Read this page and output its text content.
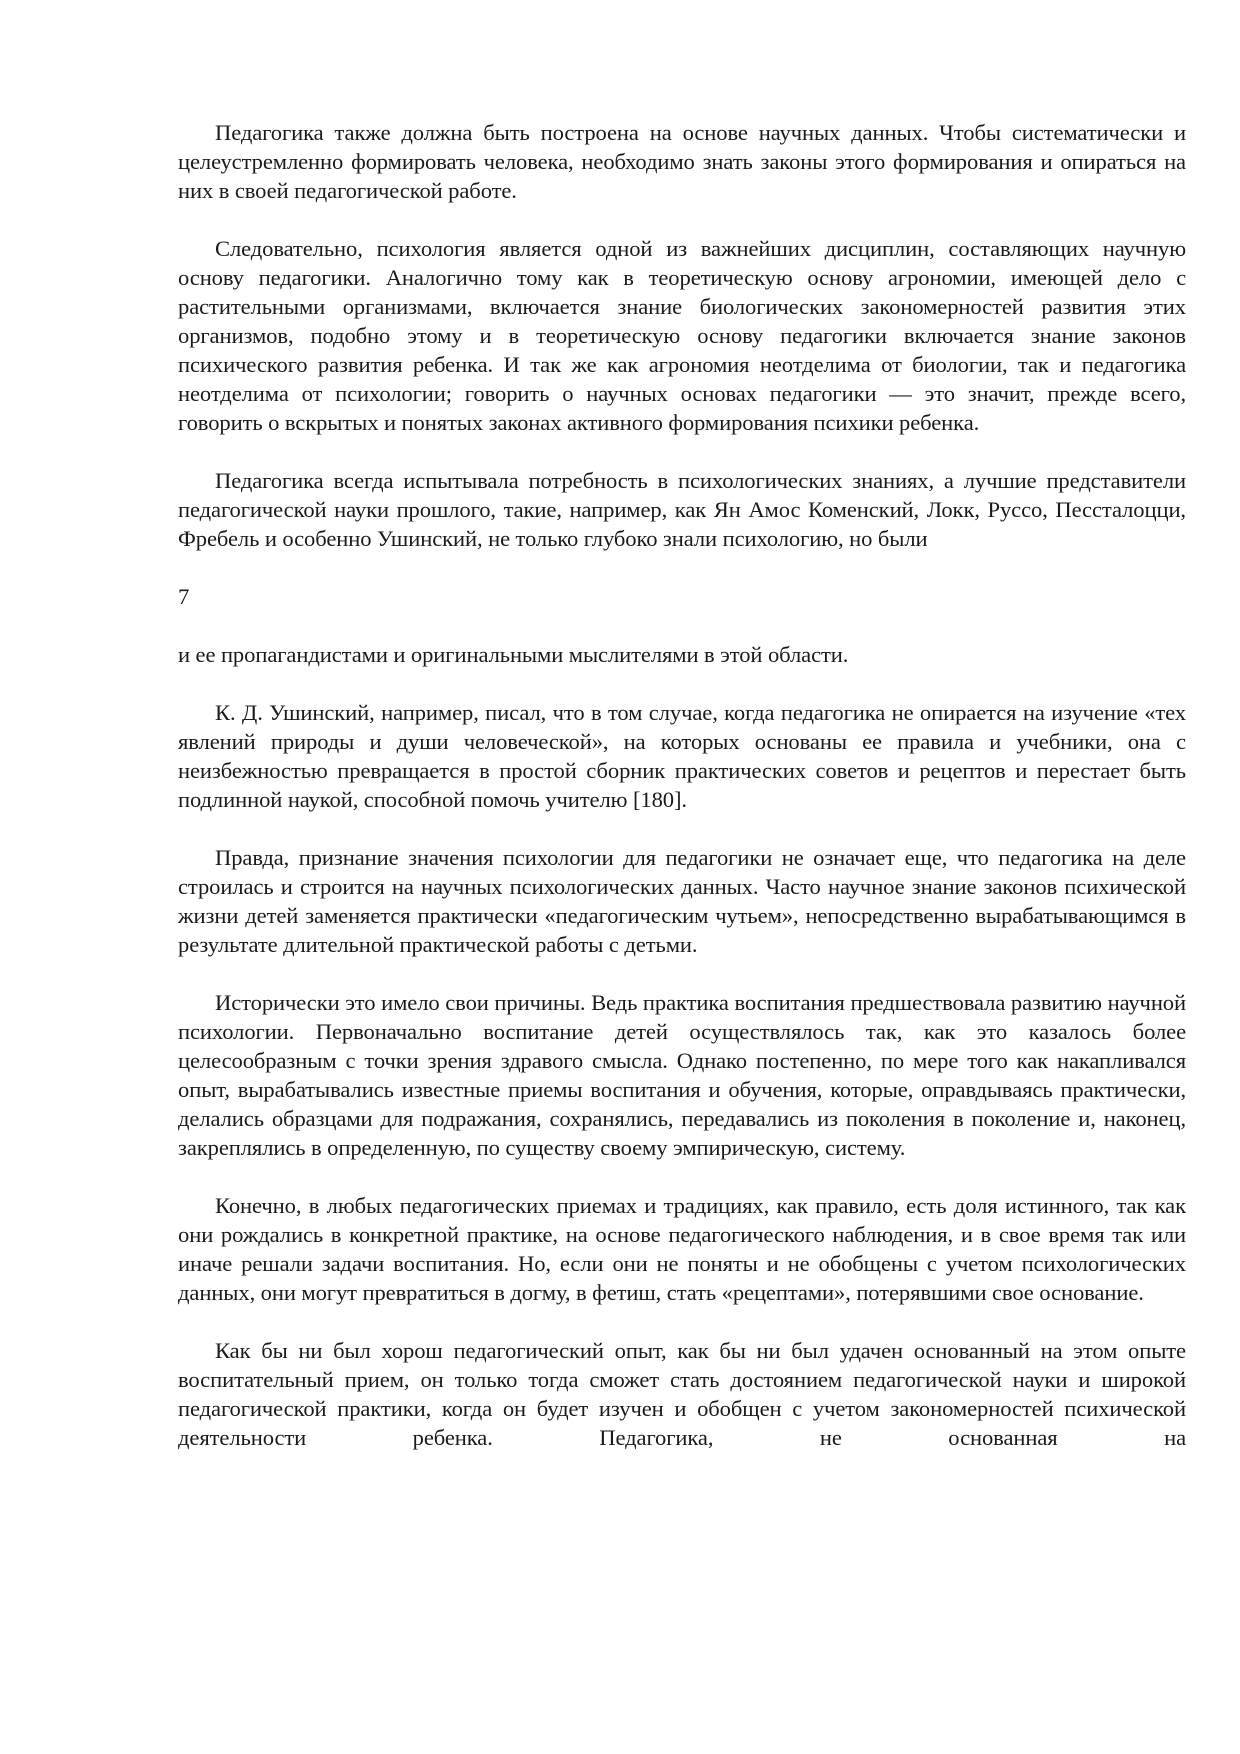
Педагогика также должна быть построена на основе научных данных. Чтобы систематически и целеустремленно формировать человека, необходимо знать законы этого формирования и опираться на них в своей педагогической работе.

Следовательно, психология является одной из важнейших дисциплин, составляющих научную основу педагогики. Аналогично тому как в теоретическую основу агрономии, имеющей дело с растительными организмами, включается знание биологических закономерностей развития этих организмов, подобно этому и в теоретическую основу педагогики включается знание законов психического развития ребенка. И так же как агрономия неотделима от биологии, так и педагогика неотделима от психологии; говорить о научных основах педагогики — это значит, прежде всего, говорить о вскрытых и понятых законах активного формирования психики ребенка.

Педагогика всегда испытывала потребность в психологических знаниях, а лучшие представители педагогической науки прошлого, такие, например, как Ян Амос Коменский, Локк, Руссо, Пессталоцци, Фребель и особенно Ушинский, не только глубоко знали психологию, но были

7

и ее пропагандистами и оригинальными мыслителями в этой области.

К. Д. Ушинский, например, писал, что в том случае, когда педагогика не опирается на изучение «тех явлений природы и души человеческой», на которых основаны ее правила и учебники, она с неизбежностью превращается в простой сборник практических советов и рецептов и перестает быть подлинной наукой, способной помочь учителю [180].

Правда, признание значения психологии для педагогики не означает еще, что педагогика на деле строилась и строится на научных психологических данных. Часто научное знание законов психической жизни детей заменяется практически «педагогическим чутьем», непосредственно вырабатывающимся в результате длительной практической работы с детьми.

Исторически это имело свои причины. Ведь практика воспитания предшествовала развитию научной психологии. Первоначально воспитание детей осуществлялось так, как это казалось более целесообразным с точки зрения здравого смысла. Однако постепенно, по мере того как накапливался опыт, вырабатывались известные приемы воспитания и обучения, которые, оправдываясь практически, делались образцами для подражания, сохранялись, передавались из поколения в поколение и, наконец, закреплялись в определенную, по существу своему эмпирическую, систему.

Конечно, в любых педагогических приемах и традициях, как правило, есть доля истинного, так как они рождались в конкретной практике, на основе педагогического наблюдения, и в свое время так или иначе решали задачи воспитания. Но, если они не поняты и не обобщены с учетом психологических данных, они могут превратиться в догму, в фетиш, стать «рецептами», потерявшими свое основание.

Как бы ни был хорош педагогический опыт, как бы ни был удачен основанный на этом опыте воспитательный прием, он только тогда сможет стать достоянием педагогической науки и широкой педагогической практики, когда он будет изучен и обобщен с учетом закономерностей психической деятельности ребенка. Педагогика, не основанная на
